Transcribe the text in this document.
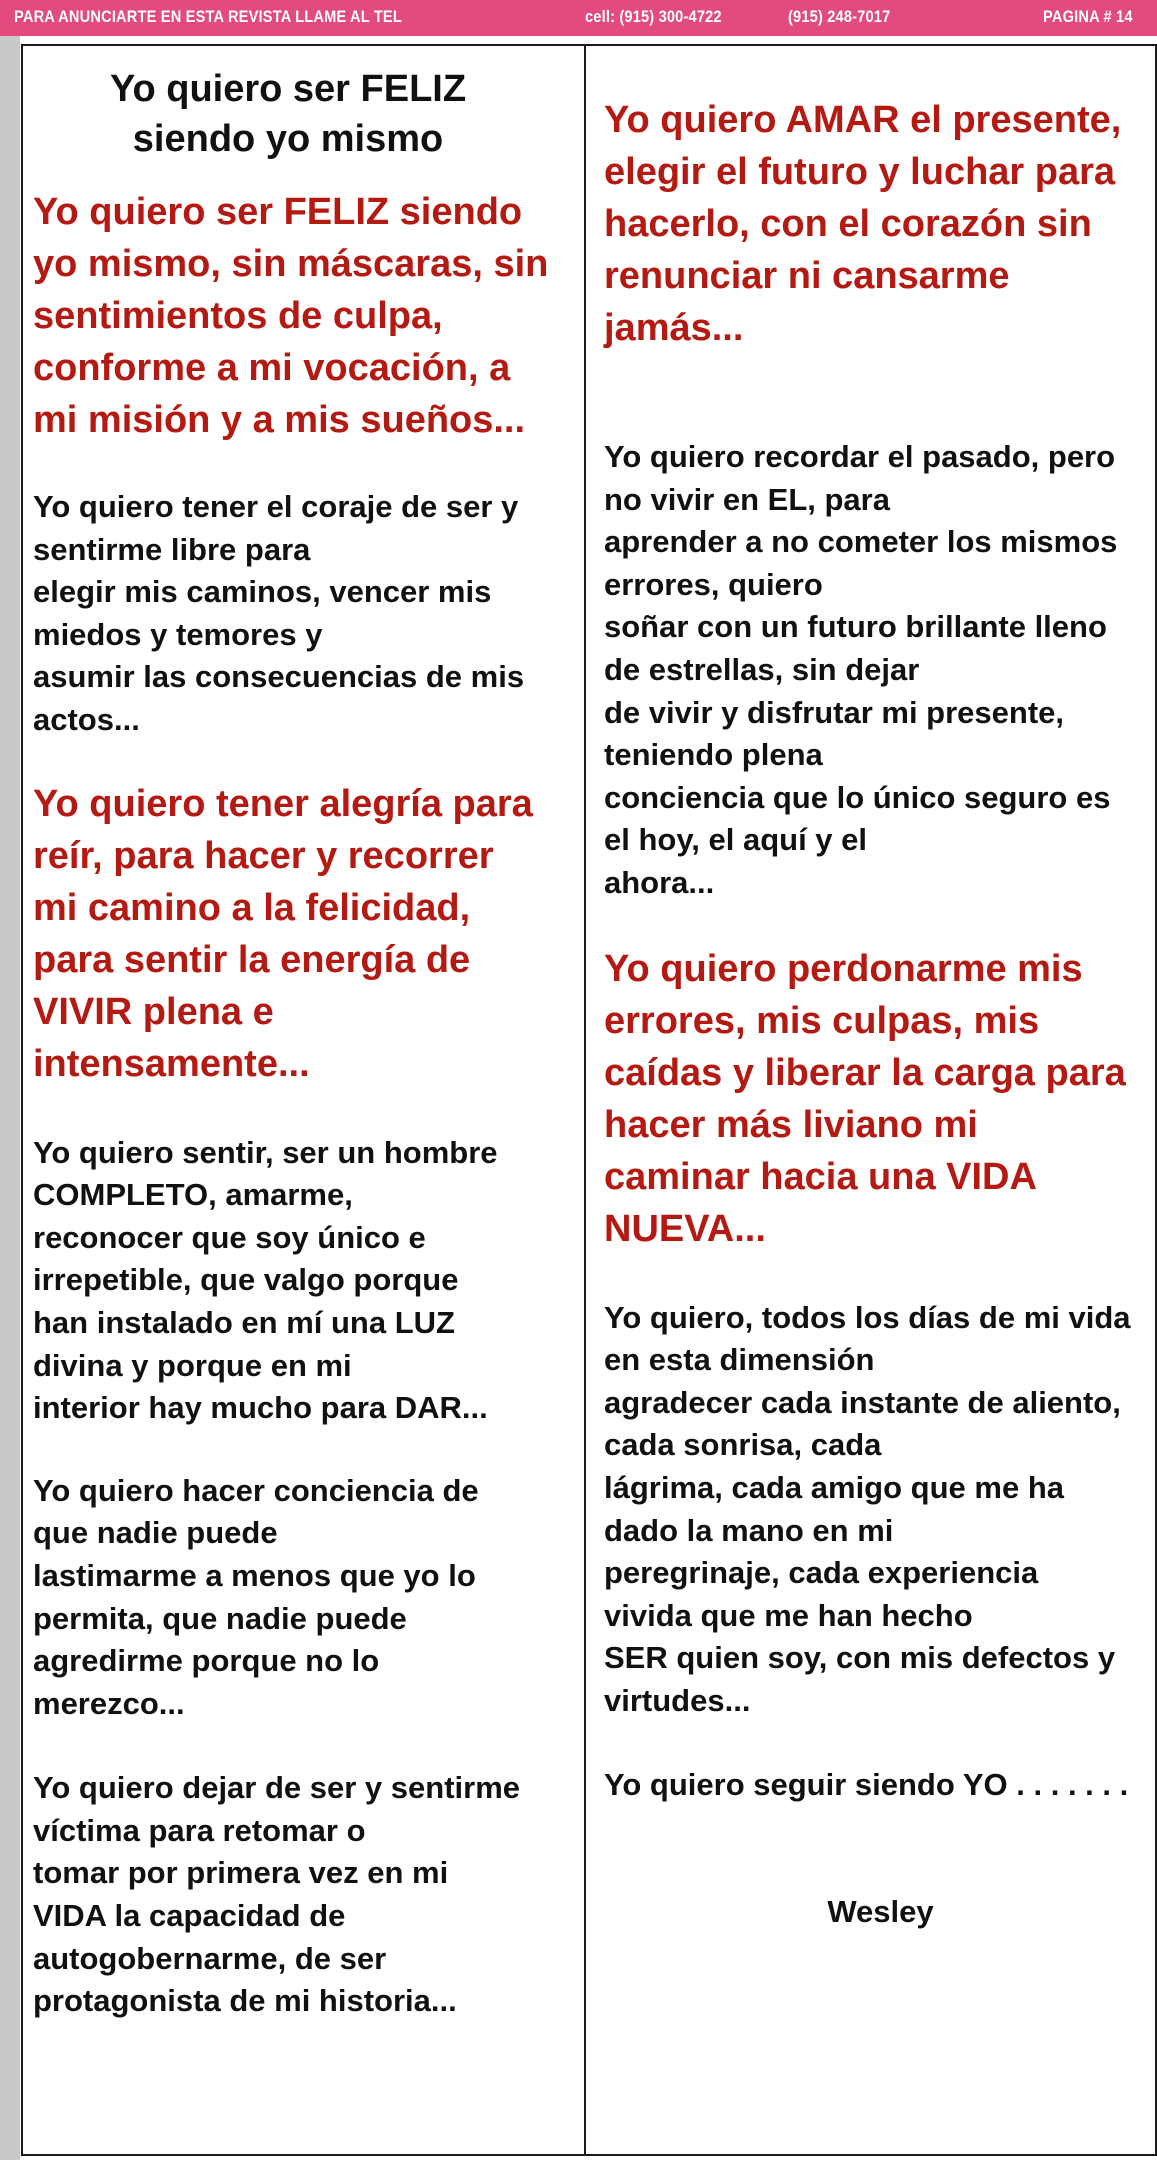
PARA ANUNCIARTE EN ESTA REVISTA LLAME AL TEL	cell: (915) 300-4722	(915) 248-7017	PAGINA # 14
Yo quiero ser FELIZ
siendo yo mismo

Yo quiero ser FELIZ siendo
yo mismo, sin máscaras, sin
sentimientos de culpa,
conforme a mi vocación, a
mi misión y a mis sueños...

Yo quiero tener el coraje de ser y
sentirme libre para
elegir mis caminos, vencer mis
miedos y temores y
asumir las consecuencias de mis
actos...

Yo quiero tener alegría para
reír, para hacer y recorrer
mi camino a la felicidad,
para sentir la energía de
VIVIR plena e
intensamente...

Yo quiero sentir, ser un hombre
COMPLETO, amarme,
reconocer que soy único e
irrepetible, que valgo porque
han instalado en mí una LUZ
divina y porque en mi
interior hay mucho para DAR...

Yo quiero hacer conciencia de
que nadie puede
lastimarme a menos que yo lo
permita, que nadie puede
agredirme porque no lo
merezco...

Yo quiero dejar de ser y sentirme
víctima para retomar o
tomar por primera vez en mi
VIDA la capacidad de
autogobernarme, de ser
protagonista de mi historia...

Yo quiero AMAR el presente,
elegir el futuro y luchar para
hacerlo, con el corazón sin
renunciar ni cansarme
jamás...

Yo quiero recordar el pasado, pero
no vivir en EL, para
aprender a no cometer los mismos
errores, quiero
soñar con un futuro brillante lleno
de estrellas, sin dejar
de vivir y disfrutar mi presente,
teniendo plena
conciencia que lo único seguro es
el hoy, el aquí y el
ahora...

Yo quiero perdonarme mis
errores, mis culpas, mis
caídas y liberar la carga para
hacer más liviano mi
caminar hacia una VIDA
NUEVA...

Yo quiero, todos los días de mi vida
en esta dimensión
agradecer cada instante de aliento,
cada sonrisa, cada
lágrima, cada amigo que me ha
dado la mano en mi
peregrinaje, cada experiencia
vivida que me han hecho
SER quien soy, con mis defectos y
virtudes...

Yo quiero seguir siendo YO . . . . . . .

Wesley
